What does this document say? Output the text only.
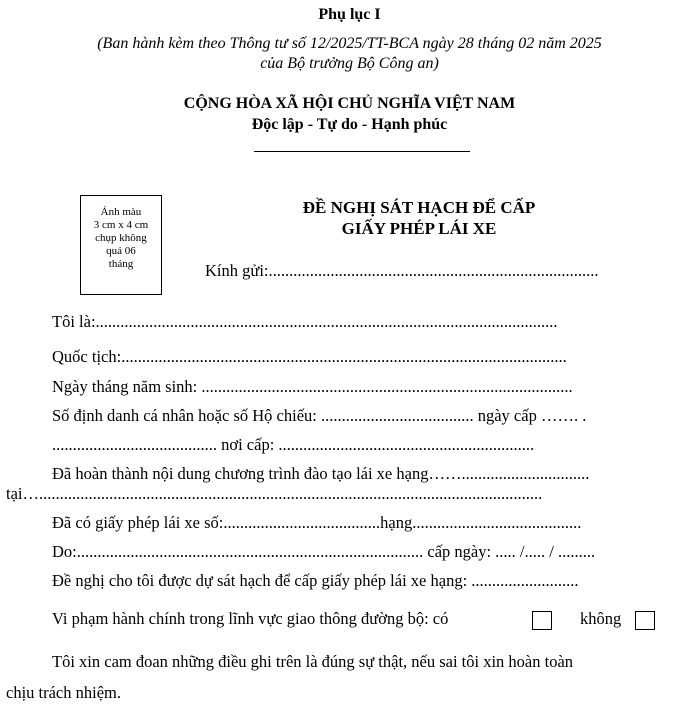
Phụ lục I
(Ban hành kèm theo Thông tư số 12/2025/TT-BCA ngày 28 tháng 02 năm 2025
của Bộ trưởng Bộ Công an)
CỘNG HÒA XÃ HỘI CHỦ NGHĨA VIỆT NAM
Độc lập - Tự do - Hạnh phúc
Ảnh màu
3 cm x 4 cm
chụp không
quá 06
tháng
ĐỀ NGHỊ SÁT HẠCH ĐỂ CẤP
GIẤY PHÉP LÁI XE
Kính gửi:................................................................................
Tôi là:................................................................................................................
Quốc tịch:............................................................................................................
Ngày tháng năm sinh: ..........................................................................................
Số định danh cá nhân hoặc số Hộ chiếu: ..................................... ngày cấp ……. .
........................................ nơi cấp: ..............................................................
Đã hoàn thành nội dung chương trình đào tạo lái xe hạng……...............................
tại…..........................................................................................................................
Đã có giấy phép lái xe số:......................................hạng.........................................
Do:.................................................................................... cấp ngày: ..... /..... / .........
Đề nghị cho tôi được dự sát hạch để cấp giấy phép lái xe hạng: ..........................
Vi phạm hành chính trong lĩnh vực giao thông đường bộ: có	không
Tôi xin cam đoan những điều ghi trên là đúng sự thật, nếu sai tôi xin hoàn toàn
chịu trách nhiệm.
